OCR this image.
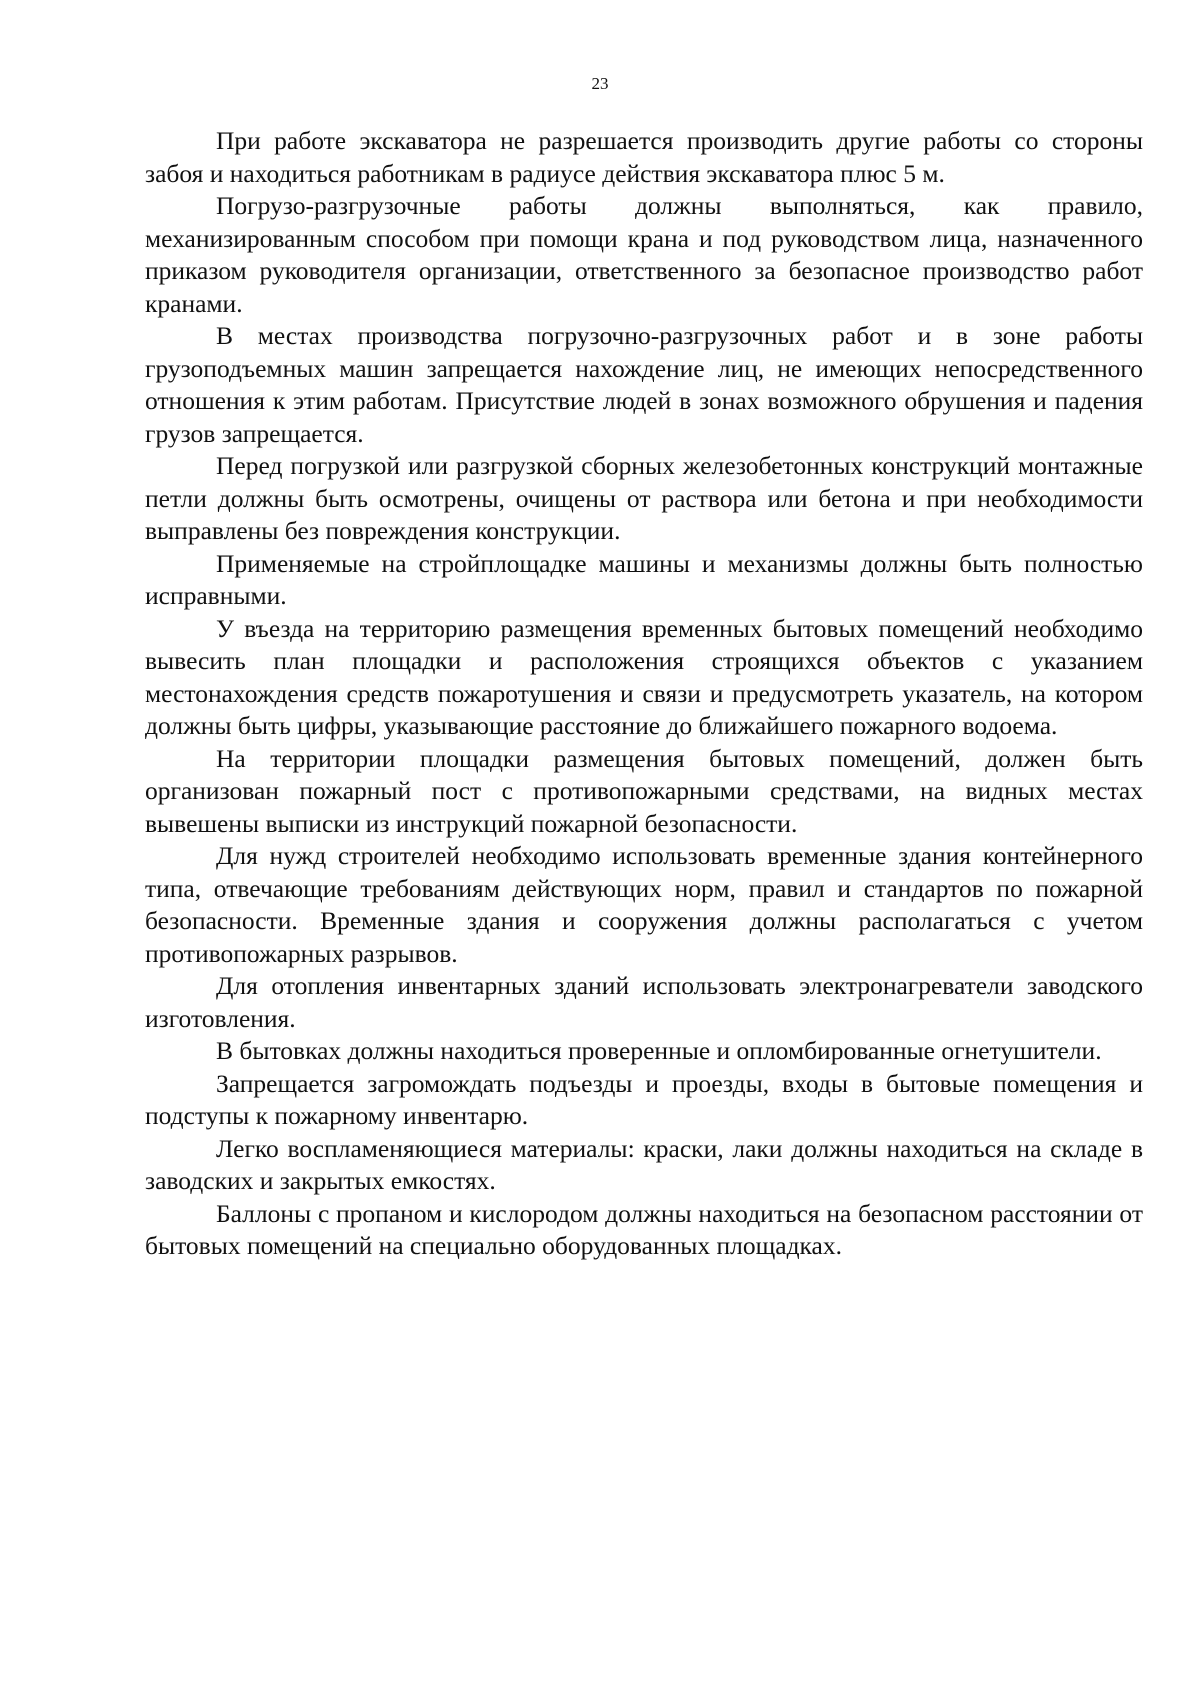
23

При работе экскаватора не разрешается производить другие работы со стороны забоя и находиться работникам в радиусе действия экскаватора плюс 5 м.

Погрузо-разгрузочные работы должны выполняться, как правило, механизированным способом при помощи крана и под руководством лица, назначенного приказом руководителя организации, ответственного за безопасное производство работ кранами.

В местах производства погрузочно-разгрузочных работ и в зоне работы грузоподъемных машин запрещается нахождение лиц, не имеющих непосредственного отношения к этим работам. Присутствие людей в зонах возможного обрушения и падения грузов запрещается.

Перед погрузкой или разгрузкой сборных железобетонных конструкций монтажные петли должны быть осмотрены, очищены от раствора или бетона и при необходимости выправлены без повреждения конструкции.

Применяемые на стройплощадке машины и механизмы должны быть полностью исправными.

У въезда на территорию размещения временных бытовых помещений необходимо вывесить план площадки и расположения строящихся объектов с указанием местонахождения средств пожаротушения и связи и предусмотреть указатель, на котором должны быть цифры, указывающие расстояние до ближайшего пожарного водоема.

На территории площадки размещения бытовых помещений, должен быть организован пожарный пост с противопожарными средствами, на видных местах вывешены выписки из инструкций пожарной безопасности.

Для нужд строителей необходимо использовать временные здания контейнерного типа, отвечающие требованиям действующих норм, правил и стандартов по пожарной безопасности. Временные здания и сооружения должны располагаться с учетом противопожарных разрывов.

Для отопления инвентарных зданий использовать электронагреватели заводского изготовления.

В бытовках должны находиться проверенные и опломбированные огнетушители.

Запрещается загромождать подъезды и проезды, входы в бытовые помещения и подступы к пожарному инвентарю.

Легко воспламеняющиеся материалы: краски, лаки должны находиться на складе в заводских и закрытых емкостях.

Баллоны с пропаном и кислородом должны находиться на безопасном расстоянии от бытовых помещений на специально оборудованных площадках.
